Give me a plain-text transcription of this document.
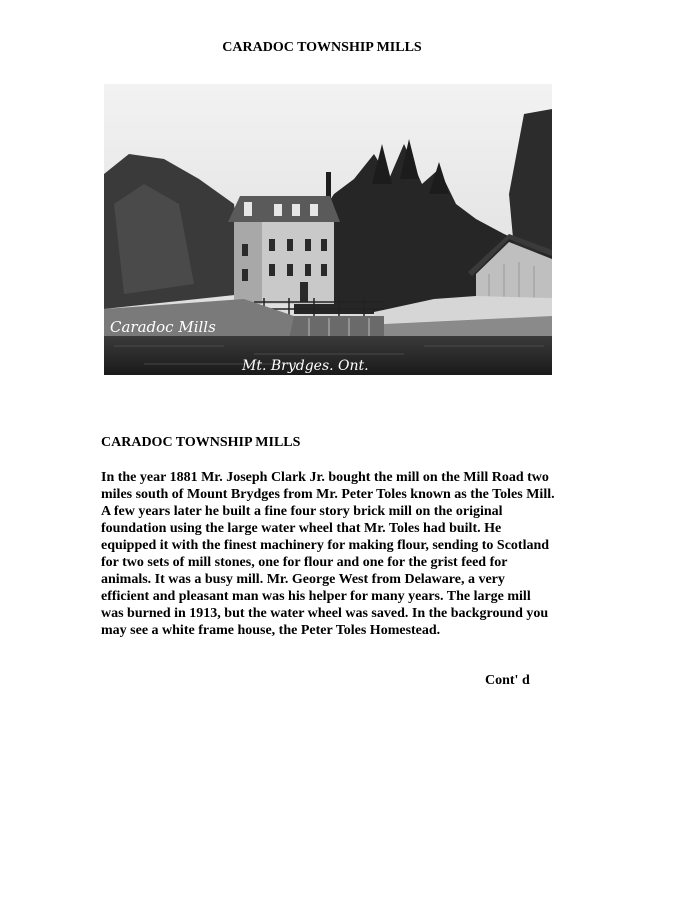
CARADOC TOWNSHIP MILLS
Caradoc Mills
Mt. Brydges. Ont.
CARADOC TOWNSHIP MILLS
In the year 1881 Mr. Joseph Clark Jr. bought the mill on the Mill Road two miles south of Mount Brydges from Mr. Peter Toles known as the Toles Mill. A few years later he built a fine four story brick mill on the original foundation using the large water wheel that Mr. Toles had built. He equipped it with the finest machinery for making flour, sending to Scotland for two sets of mill stones, one for flour and one for the grist feed for animals. It was a busy mill. Mr. George West from Delaware, a very efficient and pleasant man was his helper for many years. The large mill was burned in 1913, but the water wheel was saved. In the background you may see a white frame house, the Peter Toles Homestead.
Cont' d
